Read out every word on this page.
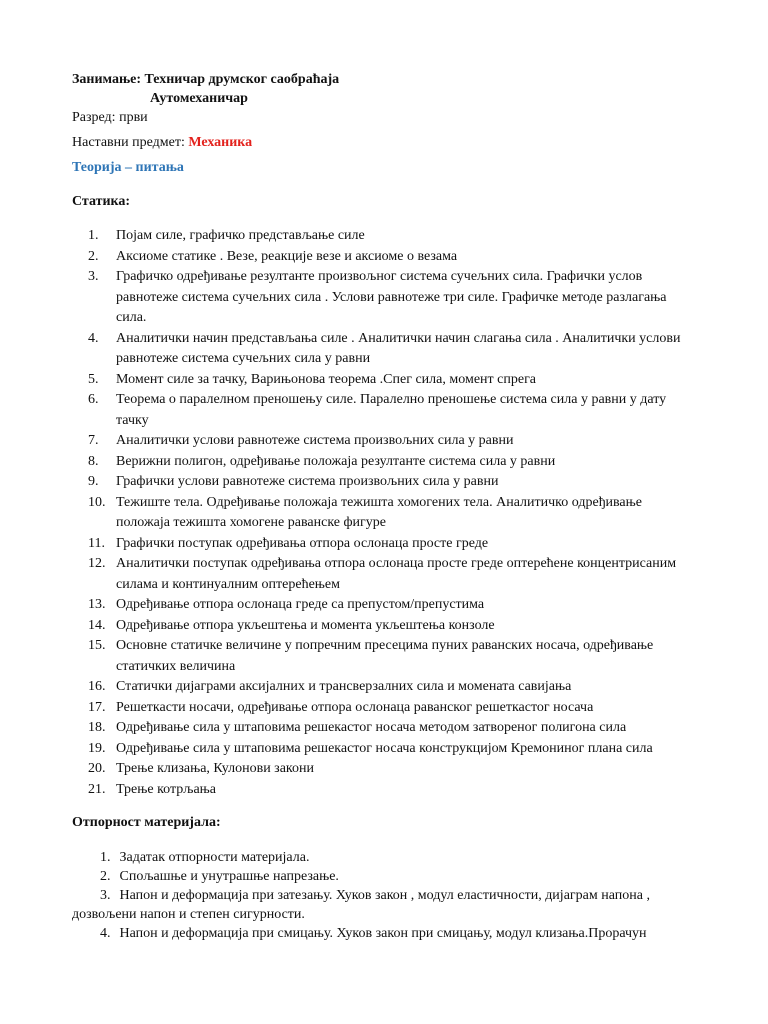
Занимање: Техничар друмског саобраћаја
Аутомеханичар
Разред: први
Наставни предмет: Механика
Теорија – питања
Статика:
1. Појам силе, графичко представљање силе
2. Аксиоме статике . Везе, реакције везе и аксиоме о везама
3. Графичко одређивање резултанте произвољног система сучељних сила. Графички услов равнотеже система сучељних сила . Услови равнотеже три силе. Графичке методе разлагања сила.
4. Аналитички начин представљања силе . Аналитички начин слагања сила . Аналитички услови равнотеже система сучељних сила у равни
5. Момент силе за тачку, Варињонова теорема .Спег сила, момент спрега
6. Теорема о паралелном преношењу силе. Паралелно преношење система сила у равни у дату тачку
7. Аналитички услови равнотеже система произвољних сила у равни
8. Верижни полигон, одређивање положаја резултанте система сила у равни
9. Графички услови равнотеже система произвољних сила у равни
10. Тежиште тела. Одређивање положаја тежишта хомогених тела. Аналитичко одређивање положаја тежишта хомогене раванске фигуре
11. Графички поступак одређивања отпора ослонаца просте греде
12. Аналитички поступак одређивања отпора ослонаца просте греде оптерећене концентрисаним силама и континуалним оптерећењем
13. Одређивање отпора ослонаца греде са препустом/препустима
14. Одређивање отпора укљештења и момента укљештења конзоле
15. Основне статичке величине у попречним пресецима пуних раванских носача, одређивање статичких величина
16. Статички дијаграми аксијалних и трансверзалних сила и момената савијања
17. Решеткасти носачи, одређивање отпора ослонаца раванског решеткастог носача
18. Одређивање сила у штаповима решекастог носача методом затвореног полигона сила
19. Одређивање сила у штаповима решекастог носача конструкцијом Кремониног плана сила
20. Трење клизања, Кулонови закони
21. Трење котрљања
Отпорност материјала:
1. Задатак отпорности материјала.
2. Спољашње и унутрашње напрезање.
3. Напон и деформација при затезању. Хуков закон , модул еластичности, дијаграм напона , дозвољени напон и степен сигурности.
4. Напон и деформација при смицању. Хуков закон при смицању, модул клизања.Прорачун
